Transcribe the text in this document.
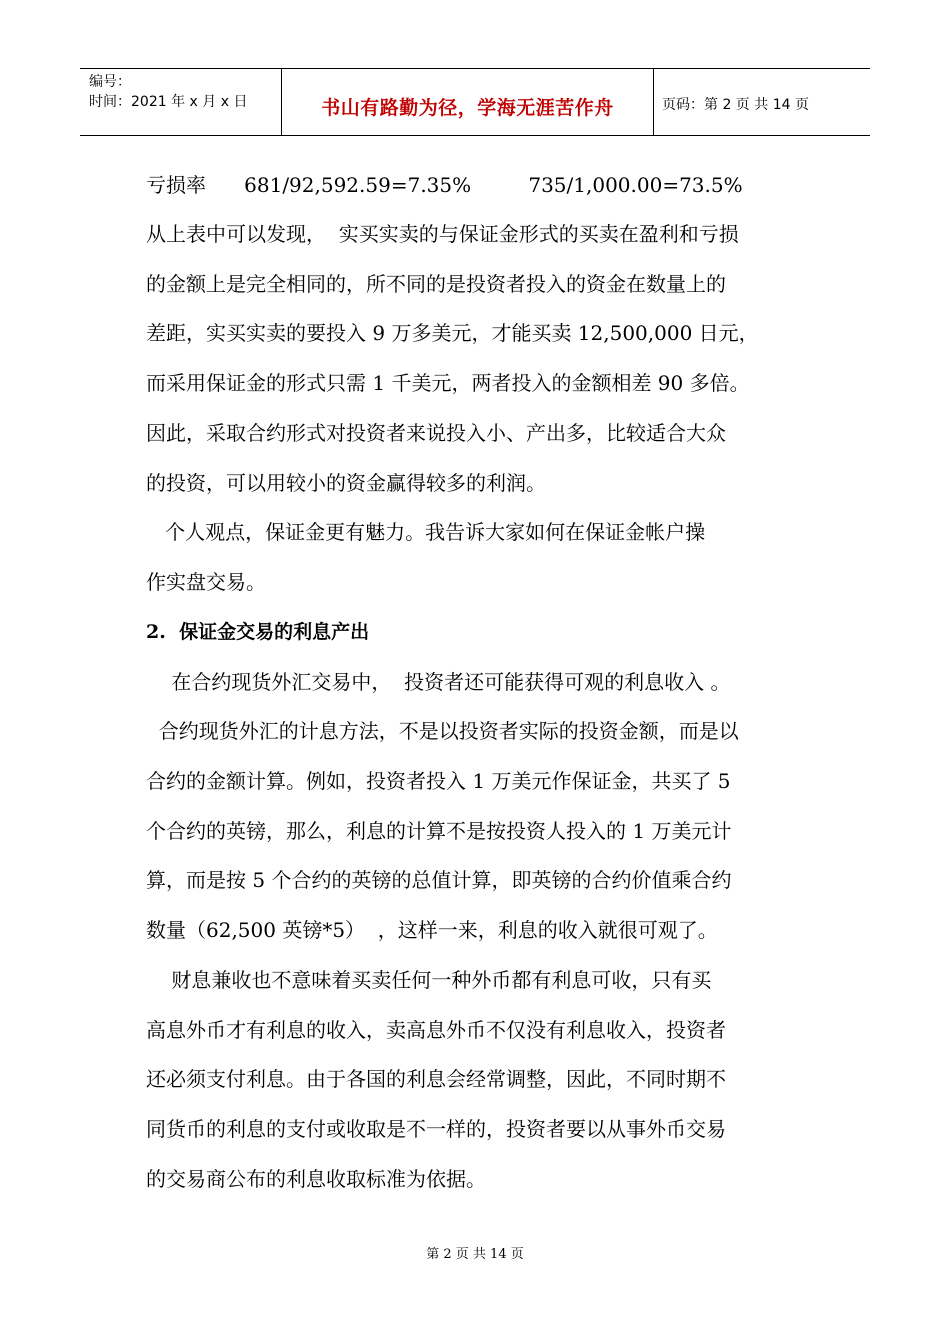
编号：
时间：2021 年 x 月 x 日	书山有路勤为径，学海无涯苦作舟	页码：第 2 页 共 14 页
亏损率      681/92,592.59=7.35%         735/1,000.00=73.5%
从上表中可以发现，  实买实卖的与保证金形式的买卖在盈利和亏损
的金额上是完全相同的，所不同的是投资者投入的资金在数量上的
差距，实买实卖的要投入 9 万多美元，才能买卖 12,500,000 日元，
而采用保证金的形式只需 1 千美元，两者投入的金额相差 90 多倍。
因此，采取合约形式对投资者来说投入小、产出多，比较适合大众
的投资，可以用较小的资金赢得较多的利润。
个人观点，保证金更有魅力。我告诉大家如何在保证金帐户操
作实盘交易。
2.  保证金交易的利息产出
在合约现货外汇交易中，  投资者还可能获得可观的利息收入 。
合约现货外汇的计息方法，不是以投资者实际的投资金额，而是以
合约的金额计算。例如，投资者投入 1 万美元作保证金，共买了 5
个合约的英镑，那么，利息的计算不是按投资人投入的 1 万美元计
算，而是按 5 个合约的英镑的总值计算，即英镑的合约价值乘合约
数量（62,500 英镑*5）  ，这样一来，利息的收入就很可观了。
财息兼收也不意味着买卖任何一种外币都有利息可收，只有买
高息外币才有利息的收入，卖高息外币不仅没有利息收入，投资者
还必须支付利息。由于各国的利息会经常调整，因此，不同时期不
同货币的利息的支付或收取是不一样的，投资者要以从事外币交易
的交易商公布的利息收取标准为依据。
第 2 页 共 14 页
